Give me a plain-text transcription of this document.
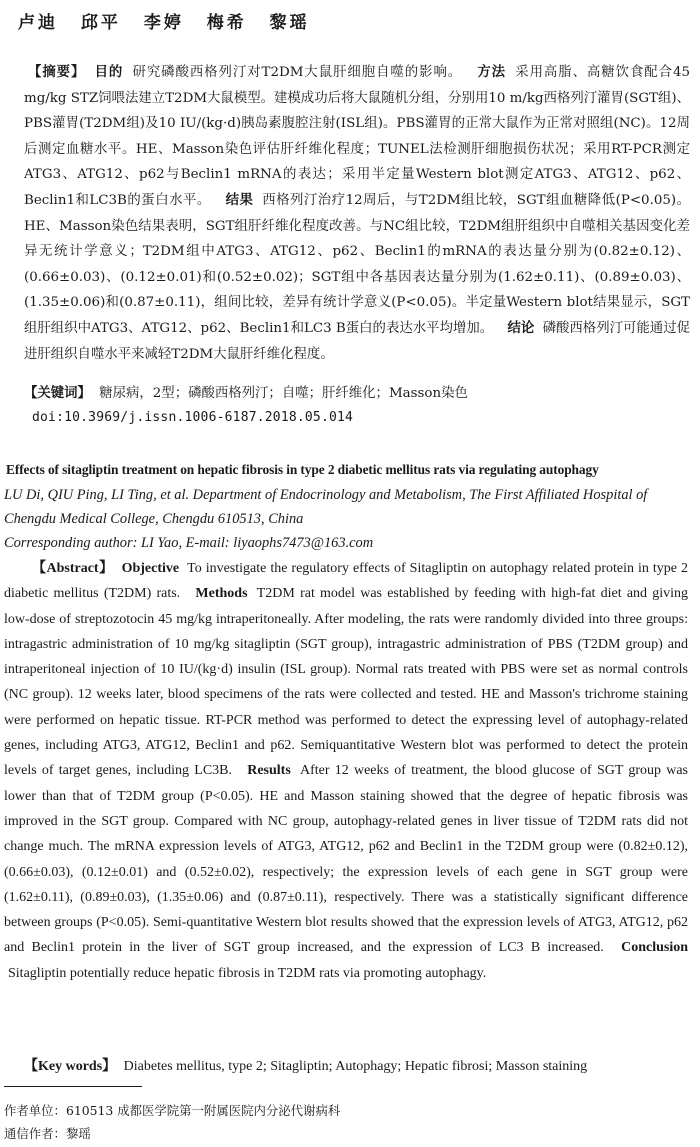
卢迪 邱平 李婷 梅希 黎瑶

【摘要】 目的 研究磷酸西格列汀对T2DM大鼠肝细胞自噬的影响。 方法 采用高脂、高糖饮食配合45 mg/kg STZ饲喂法建立T2DM大鼠模型。建模成功后将大鼠随机分组，分别用10 m/kg西格列汀灌胃(SGT组)、PBS灌胃(T2DM组)及10 IU/(kg·d)胰岛素腹腔注射(ISL组)。PBS灌胃的正常大鼠作为正常对照组(NC)。12周后测定血糖水平。HE、Masson染色评估肝纤维化程度；TUNEL法检测肝细胞损伤状况；采用RT-PCR测定ATG3、ATG12、p62与Beclin1 mRNA的表达；采用半定量Western blot测定ATG3、ATG12、p62、Beclin1和LC3B的蛋白水平。 结果 西格列汀治疗12周后，与T2DM组比较，SGT组血糖降低(P<0.05)。HE、Masson染色结果表明，SGT组肝纤维化程度改善。与NC组比较，T2DM组肝组织中自噬相关基因变化差异无统计学意义；T2DM组中ATG3、ATG12、p62、Beclin1的mRNA的表达量分别为(0.82±0.12)、(0.66±0.03)、(0.12±0.01)和(0.52±0.02)；SGT组中各基因表达量分别为(1.62±0.11)、(0.89±0.03)、(1.35±0.06)和(0.87±0.11)，组间比较，差异有统计学意义(P<0.05)。半定量Western blot结果显示，SGT组肝组织中ATG3、ATG12、p62、Beclin1和LC3 B蛋白的表达水平均增加。 结论 磷酸西格列汀可能通过促进肝组织自噬水平来减轻T2DM大鼠肝纤维化程度。

【关键词】 糖尿病，2型；磷酸西格列汀；自噬；肝纤维化；Masson染色
doi:10.3969/j.issn.1006-6187.2018.05.014
Effects of sitagliptin treatment on hepatic fibrosis in type 2 diabetic mellitus rats via regulating autophagy
LU Di, QIU Ping, LI Ting, et al. Department of Endocrinology and Metabolism, The First Affiliated Hospital of Chengdu Medical College, Chengdu 610513, China
Corresponding author: LI Yao, E-mail: liyaophs7473@163.com

【Abstract】 Objective To investigate the regulatory effects of Sitagliptin on autophagy related protein in type 2 diabetic mellitus (T2DM) rats. Methods T2DM rat model was established by feeding with high-fat diet and giving low-dose of streptozotocin 45 mg/kg intraperitoneally. After modeling, the rats were randomly divided into three groups: intragastric administration of 10 mg/kg sitagliptin (SGT group), intragastric administration of PBS (T2DM group) and intraperitoneal injection of 10 IU/(kg·d) insulin (ISL group). Normal rats treated with PBS were set as normal controls (NC group). 12 weeks later, blood specimens of the rats were collected and tested. HE and Masson's trichrome staining were performed on hepatic tissue. RT-PCR method was performed to detect the expressing level of autophagy-related genes, including ATG3, ATG12, Beclin1 and p62. Semiquantitative Western blot was performed to detect the protein levels of target genes, including LC3B. Results After 12 weeks of treatment, the blood glucose of SGT group was lower than that of T2DM group (P<0.05). HE and Masson staining showed that the degree of hepatic fibrosis was improved in the SGT group. Compared with NC group, autophagy-related genes in liver tissue of T2DM rats did not change much. The mRNA expression levels of ATG3, ATG12, p62 and Beclin1 in the T2DM group were (0.82±0.12), (0.66±0.03), (0.12±0.01) and (0.52±0.02), respectively; the expression levels of each gene in SGT group were (1.62±0.11), (0.89±0.03), (1.35±0.06) and (0.87±0.11), respectively. There was a statistically significant difference between groups (P<0.05). Semi-quantitative Western blot results showed that the expression levels of ATG3, ATG12, p62 and Beclin1 protein in the liver of SGT group increased, and the expression of LC3 B increased. Conclusion Sitagliptin potentially reduce hepatic fibrosis in T2DM rats via promoting autophagy.

【Key words】 Diabetes mellitus, type 2; Sitagliptin; Autophagy; Hepatic fibrosi; Masson staining
作者单位：610513 成都医学院第一附属医院内分泌代谢病科
通信作者：黎瑶
